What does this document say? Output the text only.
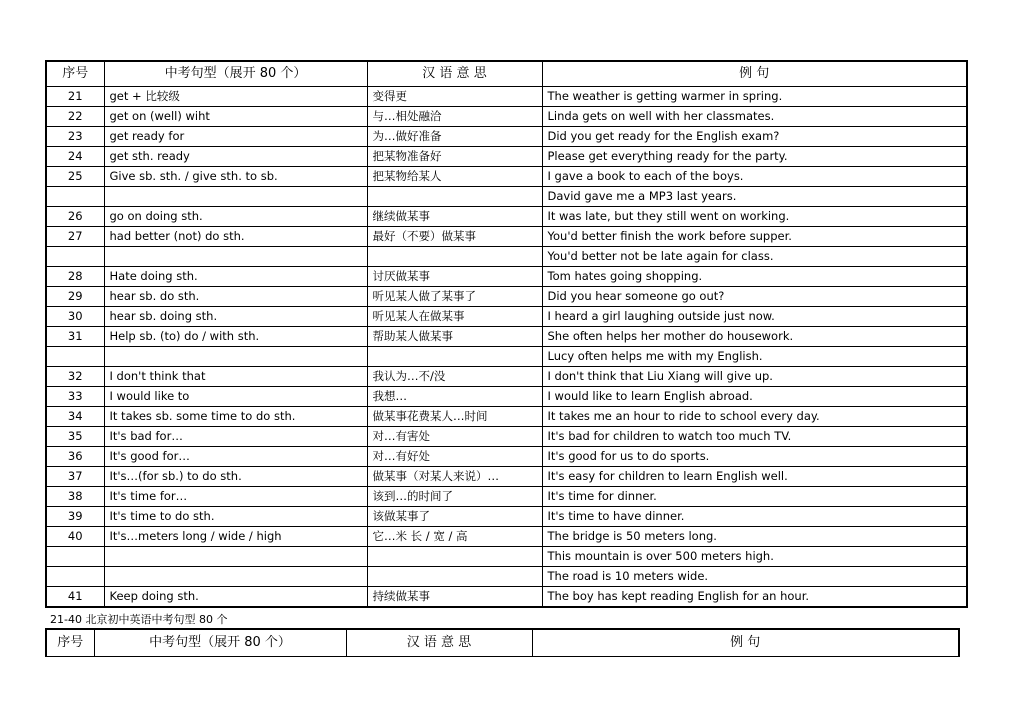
序号	中考句型（展开 80 个）	汉 语 意 思	例 句
21	get + 比较级	变得更	The weather is getting warmer in spring.
22	get on (well) wiht	与…相处融洽	Linda gets on well with her classmates.
23	get ready for	为…做好准备	Did you get ready for the English exam?
24	get sth. ready	把某物准备好	Please get everything ready for the party.
25	Give sb. sth. / give sth. to sb.	把某物给某人	I gave a book to each of the boys.
			David gave me a MP3 last years.
26	go on doing sth.	继续做某事	It was late, but they still went on working.
27	had better (not) do sth.	最好（不要）做某事	You'd better finish the work before supper.
			You'd better not be late again for class.
28	Hate doing sth.	讨厌做某事	Tom hates going shopping.
29	hear sb. do sth.	听见某人做了某事了	Did you hear someone go out?
30	hear sb. doing sth.	听见某人在做某事	I heard a girl laughing outside just now.
31	Help sb. (to) do / with sth.	帮助某人做某事	She often helps her mother do housework.
			Lucy often helps me with my English.
32	I don't think that	我认为…不/没	I don't think that Liu Xiang will give up.
33	I would like to	我想…	I would like to learn English abroad.
34	It takes sb. some time to do sth.	做某事花费某人…时间	It takes me an hour to ride to school every day.
35	It's bad for…	对…有害处	It's bad for children to watch too much TV.
36	It's good for…	对…有好处	It's good for us to do sports.
37	It's…(for sb.) to do sth.	做某事（对某人来说）…	It's easy for children to learn English well.
38	It's time for…	该到…的时间了	It's time for dinner.
39	It's time to do sth.	该做某事了	It's time to have dinner.
40	It's…meters long / wide / high	它…米 长 / 宽 / 高	The bridge is 50 meters long.
			This mountain is over 500 meters high.
			The road is 10 meters wide.
41	Keep doing sth.	持续做某事	The boy has kept reading English for an hour.
21-40 北京初中英语中考句型 80 个
序号	中考句型（展开 80 个）	汉 语 意 思	例 句
